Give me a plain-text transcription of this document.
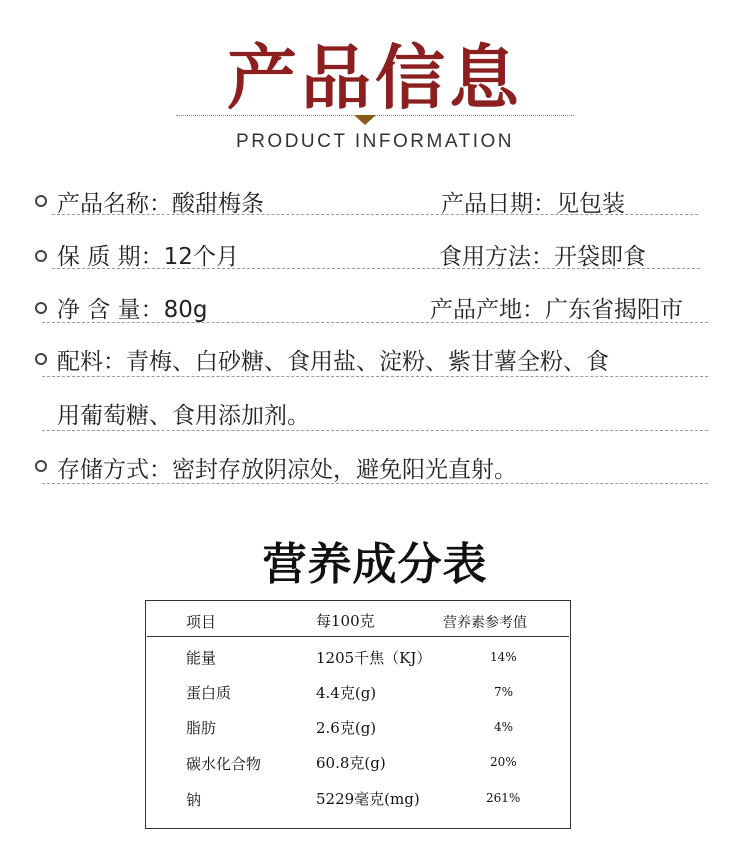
产品信息
PRODUCT INFORMATION
产品名称：酸甜梅条	产品日期：见包装
保 质 期：12个月	食用方法：开袋即食
净 含 量：80g	产品产地：广东省揭阳市
配料：青梅、白砂糖、食用盐、淀粉、紫甘薯全粉、食
用葡萄糖、食用添加剂。
存储方式：密封存放阴凉处，避免阳光直射。
营养成分表
项目	每100克	营养素参考值
能量	1205千焦（KJ）	14%
蛋白质	4.4克(g)	7%
脂肪	2.6克(g)	4%
碳水化合物	60.8克(g)	20%
钠	5229毫克(mg)	261%
